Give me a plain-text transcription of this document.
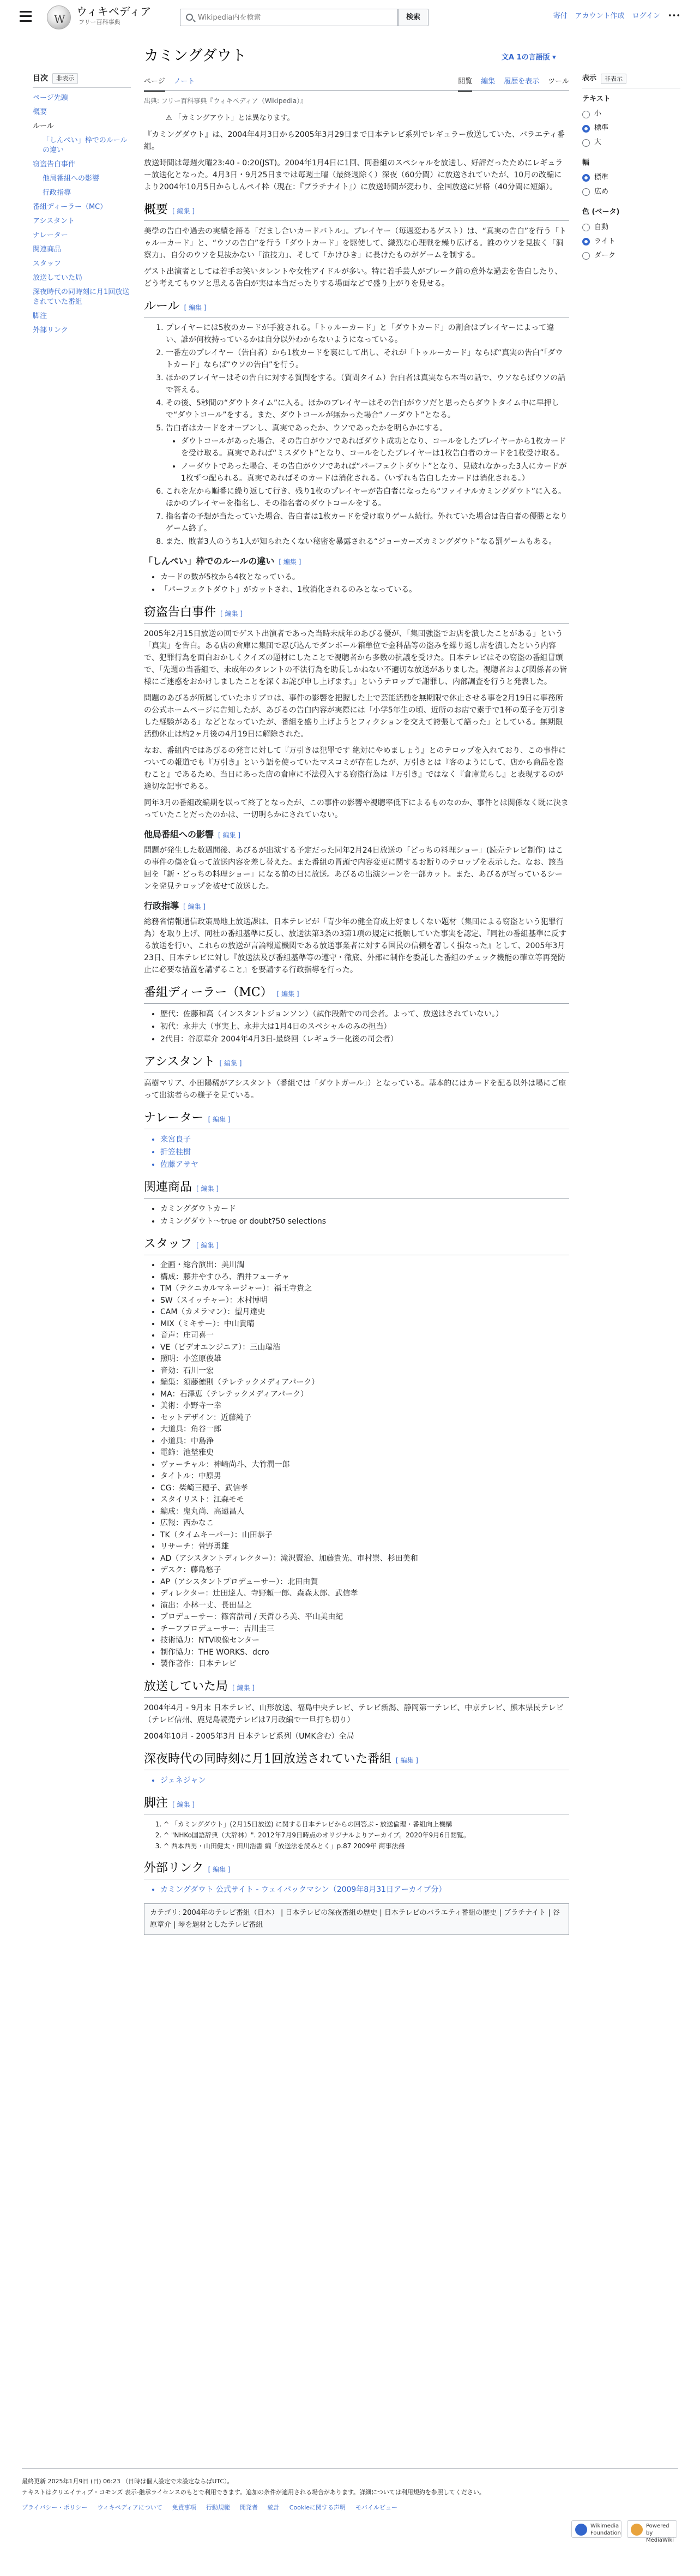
W
ウィキペディア
フリー百科事典
Wikipedia内を検索
検索	寄付 アカウント作成 ログイン •••
目次	非表示
ページ先頭
概要
ルール
「しんぺい」枠でのルールの違い
窃盗告白事件
他局番組への影響
行政指導
番組ディーラー（MC）
アシスタント
ナレーター
関連商品
スタッフ
放送していた局
深夜時代の同時刻に月1回放送されていた番組
脚注
外部リンク
カミングダウト	文A 1の言語版 ▾
ページ ノート	閲覧 編集 履歴を表示 ツール 表示	非表示
テキスト
小
標準
大
幅
標準
広め
色 (ベータ)
自動
ライト
ダーク
出典: フリー百科事典『ウィキペディア（Wikipedia）』
⚠ 「カミングアウト」とは異なります。

『カミングダウト』は、2004年4月3日から2005年3月29日まで日本テレビ系列でレギュラー放送していた、バラエティ番組。

放送時間は毎週火曜23:40 - 0:20(JST)。2004年1月4日に1回、同番組のスペシャルを放送し、好評だったためにレギュラー放送化となった。4月3日・9月25日までは毎週土曜（最終週除く）深夜（60分間）に放送されていたが、10月の改編により2004年10月5日からしんペイ枠（現在：『ブラチナイト』）に放送時間が変わり、全国放送に昇格（40分間に短縮）。

概要 [ 編集 ]

美學の告白や過去の実績を語る「だまし合いカードバトル」。プレイヤー（毎週変わるゲスト）は、“真実の告白”を行う「トゥルーカード」と、“ウソの告白”を行う「ダウトカード」を駆使して、織烈な心理戦を繰り広げる。誰のウソを見抜く「洞察力」、自分のウソを見抜かない「演技力」、そして「かけひき」に長けたものがゲームを制する。

ゲスト出演者としては若手お笑いタレントや女性アイドルが多い。特に若手芸人がブレーク前の意外な過去を告白したり、どう考えてもウソと思える告白が実は本当だったりする場面などで盛り上がりを見せる。

ルール [ 編集 ]
1. プレイヤーには5枚のカードが手渡される。「トゥルーカード」と「ダウトカード」の割合はプレイヤーによって違い、誰が何枚持っているかは自分以外わからないようになっている。
2. 一番左のプレイヤー（告白者）から1枚カードを裏にして出し、それが「トゥルーカード」ならば“真実の告白”「ダウトカード」ならば“ウソの告白”を行う。
3. ほかのプレイヤーはその告白に対する質問をする。（質問タイム）告白者は真実なら本当の話で、ウソならばウソの話で答える。
4. その後、5秒間の“ダウトタイム”に入る。ほかのプレイヤーはその告白がウソだと思ったらダウトタイム中に早押しで“ダウトコール”をする。また、ダウトコールが無かった場合“ノーダウト”となる。
5. 告白者はカードをオープンし、真実であったか、ウソであったかを明らかにする。
• ダウトコールがあった場合、その告白がウソであればダウト成功となり、コールをしたプレイヤーから1枚カードを受け取る。真実であれば“ミスダウト”となり、コールをしたプレイヤーは1枚告白者のカードを1枚受け取る。
• ノーダウトであった場合、その告白がウソであれば“パーフェクトダウト”となり、見破れなかった3人にカードが1枚ずつ配られる。真実であればそのカードは消化される。（いずれも告白したカードは消化される。）
6. これを左から順番に繰り返して行き、残り1枚のプレイヤーが告白者になったら“ファイナルカミングダウト”に入る。ほかのプレイヤーを指名し、その指名者のダウトコールをする。
7. 指名者の予想が当たっていた場合、告白者は1枚カードを受け取りゲーム続行。外れていた場合は告白者の優勝となりゲーム終了。
8. また、敗者3人のうち1人が知られたくない秘密を暴露される“ジョーカーズカミングダウト”なる罰ゲームもある。
「しんぺい」枠でのルールの違い [ 編集 ]
• カードの数が5枚から4枚となっている。
• 「パーフェクトダウト」がカットされ、1枚消化されるのみとなっている。
窃盗告白事件 [ 編集 ]

2005年2月15日放送の回でゲスト出演者であった当時未成年のあびる優が、「集団強盗でお店を潰したことがある」という「真実」を告白。ある店の倉庫に集団で忍び込んでダンボール箱単位で金科品等の盗みを繰り返し店を潰したという内容で、犯罪行為を面白おかしくクイズの題材にしたことで視聴者から多数の抗議を受けた。日本テレビはその窃盗の番組冒頭で、「先週の当番組で、未成年のタレントの不法行為を助長しかねない不適切な放送がありました。視聴者および関係者の皆様にご迷惑をおかけしましたことを深くお詫び申し上げます。」というテロップで謝罪し、内部調査を行うと発表した。

問題のあびるが所属していたホリプロは、事件の影響を把握した上で芸能活動を無期限で休止させる事を2月19日に事務所の公式ホームページに告知したが、あびるの告白内容が実際には「小学5年生の頃、近所のお店で素手で1杯の菓子を万引きした経験がある」などとなっていたが、番組を盛り上げようとフィクションを交えて誇張して語った」としている。無期限活動休止は約2ヶ月後の4月19日に解除された。

なお、番組内ではあびるの発言に対して『万引きは犯罪です 絶対にやめましょう』とのテロップを入れており、この事件についての報道でも『万引き』という語を使っていたマスコミが存在したが、万引きとは『客のようにして、店から商品を盗むこと』であるため、当日にあった店の倉庫に不法侵入する窃盗行為は『万引き』ではなく『倉庫荒らし』と表現するのが適切な記事である。

同年3月の番組改編期を以って終了となったが、この事件の影響や視聴率低下によるものなのか、事件とは関係なく既に決まっていたことだったのかは、一切明らかにされていない。

他局番組への影響 [ 編集 ]

問題が発生した数週間後、あびるが出演する予定だった同年2月24日放送の「どっちの料理ショー」(読売テレビ制作) はこの事件の傷を負って放送内容を差し替えた。また番組の冒頭で内容変更に関するお断りのテロップを表示した。なお、該当回を「新・どっちの料理ショー」になる前の日に放送。あびるの出演シーンを一部カット。また、あびるが写っているシーンを発見テロップを被せて放送した。

行政指導 [ 編集 ]

総務省情報通信政策局地上放送課は、日本テレビが「青少年の健全育成上好ましくない題材（集団による窃盗という犯罪行為）を取り上げ、同社の番組基準に反し、放送法第3条の3第1項の規定に抵触していた事実を認定、『同社の番組基準に反する放送を行い、これらの放送が言論報道機関である放送事業者に対する国民の信頼を著しく損なった』として、2005年3月23日、日本テレビに対し『放送法及び番組基準等の遵守・徹底、外部に制作を委託した番組のチェック機能の確立等再発防止に必要な措置を講ずること』を要請する行政指導を行った。

番組ディーラー（MC） [ 編集 ]
• 歴代：佐藤和高（インスタントジョンソン）（試作段階での司会者。よって、放送はされていない。）
• 初代：永井大（事実上、永井大は1月4日のスペシャルのみの担当）
• 2代目：谷原章介 2004年4月3日-最終回（レギュラー化後の司会者）
アシスタント [ 編集 ]

高樹マリア、小田陽稀がアシスタント（番組では「ダウトガール」）となっている。基本的にはカードを配る以外は場にご座って出演者らの様子を見ている。

ナレーター [ 編集 ]
• 来宮良子
• 折笠桂樹
• 佐藤アサヤ
関連商品 [ 編集 ]
• カミングダウトカード
• カミングダウト〜true or doubt?50 selections
スタッフ [ 編集 ]
• 企画・総合演出：美川潤
• 構成：藤井やすひろ、酒井フューチャ
• TM（テクニカルマネージャー）：福王寺貴之
• SW（スイッチャー）：木村博明
• CAM（カメラマン）：望月達史
• MIX（ミキサー）：中山貴晴
• 音声：庄司喜一
• VE（ビデオエンジニア）：三山瑞浩
• 照明：小笠原俊雄
• 音効：石川一宏
• 編集：須藤徳則（テレテックメディアパーク）
• MA：石澤恵（テレテックメディアパーク）
• 美術：小野寺一幸
• セットデザイン：近藤純子
• 大道具：角谷一郎
• 小道具：中島浄
• 電飾：池埜雅史
• ヴァーチャル：神崎尚斗、大竹潤一郎
• タイトル：中原男
• CG：柴崎三穂子、武信孝
• スタイリスト：江森モモ
• 編成：鬼丸尚、高遠昌人
• 広報：西かなこ
• TK（タイムキーパー）：山田恭子
• リサーチ：萱野勇雄
• AD（アシスタントディレクター）：滝沢賢治、加藤貴光、市村崇、杉田美和
• デスク：藤島悠子
• AP（アシスタントプロデューサー）：北田由賀
• ディレクター：辻田達人、寺野頼一郎、森森太郎、武信孝
• 演出：小林一丈、長田昌之
• プロデューサー：篠宮浩司 / 天哲ひろ美、平山美由紀
• チーフプロデューサー：吉川圭三
• 技術協力：NTV映像センター
• 制作協力：THE WORKS、dcro
• 製作著作：日本テレビ
放送していた局 [ 編集 ]

2004年4月 - 9月末 日本テレビ、山形放送、福島中央テレビ、テレビ新潟、静岡第一テレビ、中京テレビ、熊本県民テレビ（テレビ信州、鹿児島読売テレビは7月改編で一旦打ち切り）

2004年10月 - 2005年3月 日本テレビ系列（UMK含む）全局

深夜時代の同時刻に月1回放送されていた番組 [ 編集 ]
• ジェネジャン
脚注 [ 編集 ]
1. ^ 「カミングダウト」(2月15日放送) に関する日本テレビからの回答ぶ - 放送倫理・番組向上機構
2. ^ "NHKo国語辞典（大辞林）". 2012年7月9日時点のオリジナルよりアーカイブ。2020年9月6日閲覧。
3. ^ 西本西男・山田健太・田川浩書 編「放送法を読みとく」p.87 2009年 商事法務
外部リンク [ 編集 ]
• カミングダウト 公式サイト - ウェイバックマシン（2009年8月31日アーカイブ分）
カテゴリ: 2004年のテレビ番組（日本） | 日本テレビの深夜番組の歴史 | 日本テレビのバラエティ番組の歴史 | ブラチナイト | 谷原章介 | 琴を題材としたテレビ番組
最終更新 2025年1月9日 (日) 06:23 （日時は個人設定で未設定ならばUTC）。
テキストはクリエイティブ・コモンズ 表示-継承ライセンスのもとで利用できます。追加の条件が適用される場合があります。詳細については利用規約を参照してください。
プライバシー・ポリシー ウィキペディアについて 免責事項 行動規範 開発者 統計 Cookieに関する声明 モバイルビュー
Wikimedia Foundation
Powered by MediaWiki
